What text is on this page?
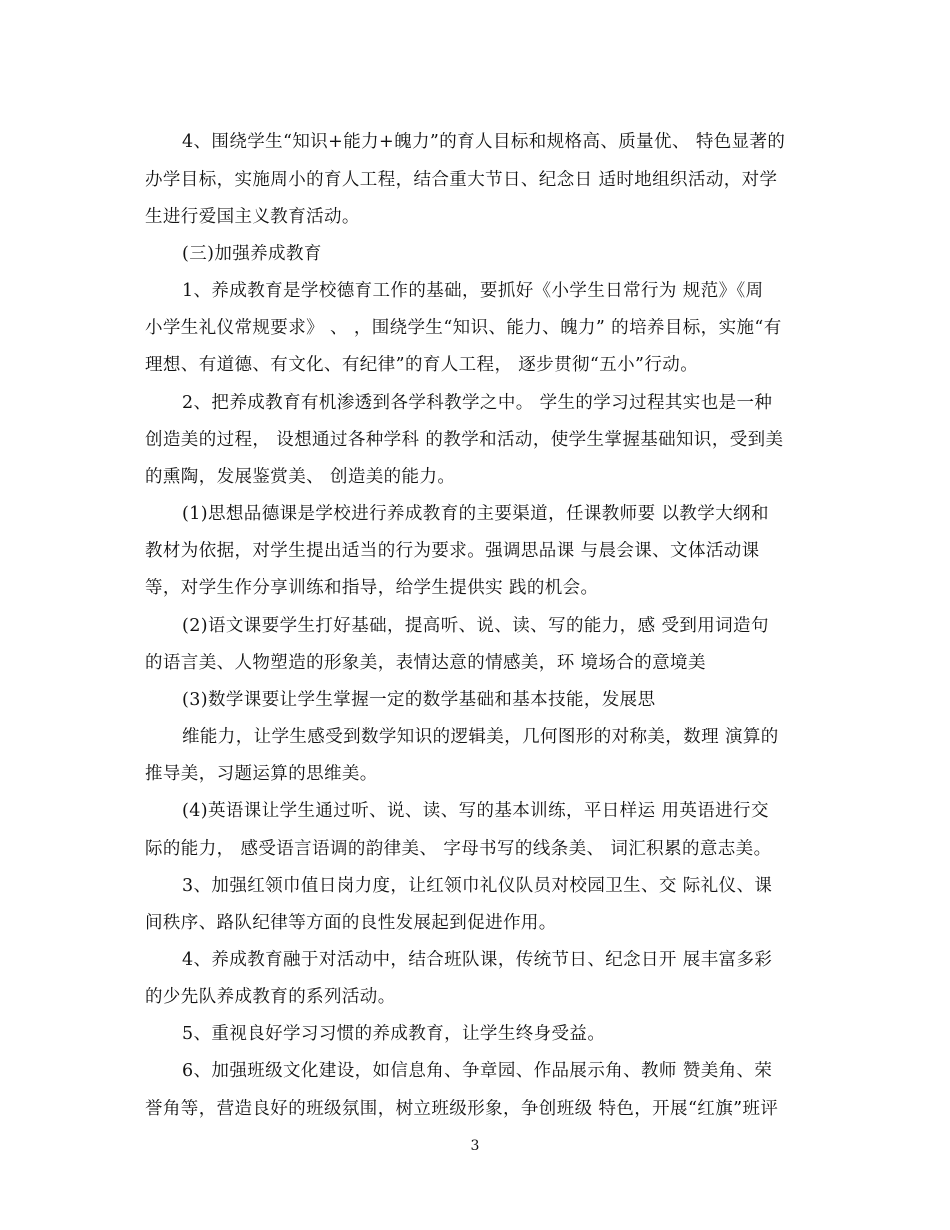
4、围绕学生“知识+能力+魄力”的育人目标和规格高、质量优、 特色显著的
办学目标，实施周小的育人工程，结合重大节日、纪念日 适时地组织活动，对学
生进行爱国主义教育活动。
(三)加强养成教育
1、养成教育是学校德育工作的基础，要抓好《小学生日常行为 规范》《周
小学生礼仪常规要求》 、 ，围绕学生“知识、能力、魄力” 的培养目标，实施“有
理想、有道德、有文化、有纪律”的育人工程， 逐步贯彻“五小”行动。
2、把养成教育有机渗透到各学科教学之中。 学生的学习过程其实也是一种
创造美的过程， 设想通过各种学科 的教学和活动，使学生掌握基础知识，受到美
的熏陶，发展鉴赏美、 创造美的能力。
(1)思想品德课是学校进行养成教育的主要渠道，任课教师要 以教学大纲和
教材为依据，对学生提出适当的行为要求。强调思品课 与晨会课、文体活动课
等，对学生作分享训练和指导，给学生提供实 践的机会。
(2)语文课要学生打好基础，提高听、说、读、写的能力，感 受到用词造句
的语言美、人物塑造的形象美，表情达意的情感美，环 境场合的意境美
(3)数学课要让学生掌握一定的数学基础和基本技能，发展思
维能力，让学生感受到数学知识的逻辑美，几何图形的对称美，数理 演算的
推导美，习题运算的思维美。
(4)英语课让学生通过听、说、读、写的基本训练，平日样运 用英语进行交
际的能力， 感受语言语调的韵律美、 字母书写的线条美、 词汇积累的意志美。
3、加强红领巾值日岗力度，让红领巾礼仪队员对校园卫生、交 际礼仪、课
间秩序、路队纪律等方面的良性发展起到促进作用。
4、养成教育融于对活动中，结合班队课，传统节日、纪念日开 展丰富多彩
的少先队养成教育的系列活动。
5、重视良好学习习惯的养成教育，让学生终身受益。
6、加强班级文化建设，如信息角、争章园、作品展示角、教师 赞美角、荣
誉角等，营造良好的班级氛围，树立班级形象，争创班级 特色，开展“红旗”班评
3
